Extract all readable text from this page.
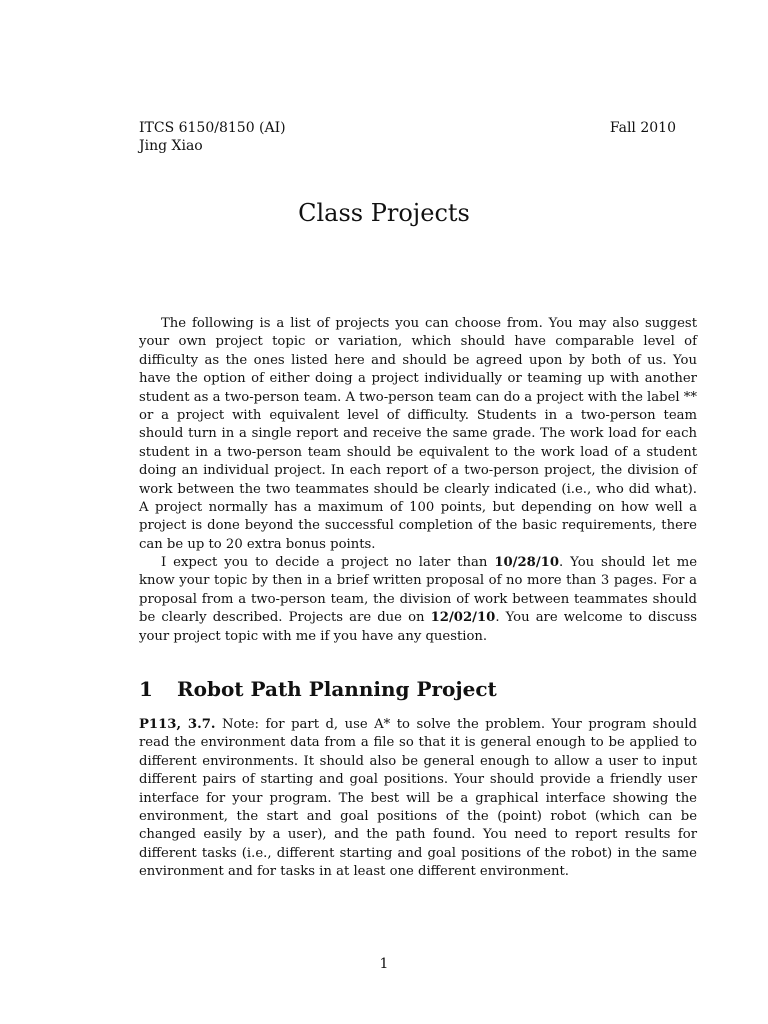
ITCS 6150/8150 (AI)
Jing Xiao
Fall 2010
Class Projects

The following is a list of projects you can choose from. You may also suggest your own project topic or variation, which should have comparable level of difficulty as the ones listed here and should be agreed upon by both of us. You have the option of either doing a project individually or teaming up with another student as a two-person team. A two-person team can do a project with the label ** or a project with equivalent level of difficulty. Students in a two-person team should turn in a single report and receive the same grade. The work load for each student in a two-person team should be equivalent to the work load of a student doing an individual project. In each report of a two-person project, the division of work between the two teammates should be clearly indicated (i.e., who did what). A project normally has a maximum of 100 points, but depending on how well a project is done beyond the successful completion of the basic requirements, there can be up to 20 extra bonus points.

I expect you to decide a project no later than 10/28/10. You should let me know your topic by then in a brief written proposal of no more than 3 pages. For a proposal from a two-person team, the division of work between teammates should be clearly described. Projects are due on 12/02/10. You are welcome to discuss your project topic with me if you have any question.

1 Robot Path Planning Project

P113, 3.7. Note: for part d, use A* to solve the problem. Your program should read the environment data from a file so that it is general enough to be applied to different environments. It should also be general enough to allow a user to input different pairs of starting and goal positions. Your should provide a friendly user interface for your program. The best will be a graphical interface showing the environment, the start and goal positions of the (point) robot (which can be changed easily by a user), and the path found. You need to report results for different tasks (i.e., different starting and goal positions of the robot) in the same environment and for tasks in at least one different environment.

1
